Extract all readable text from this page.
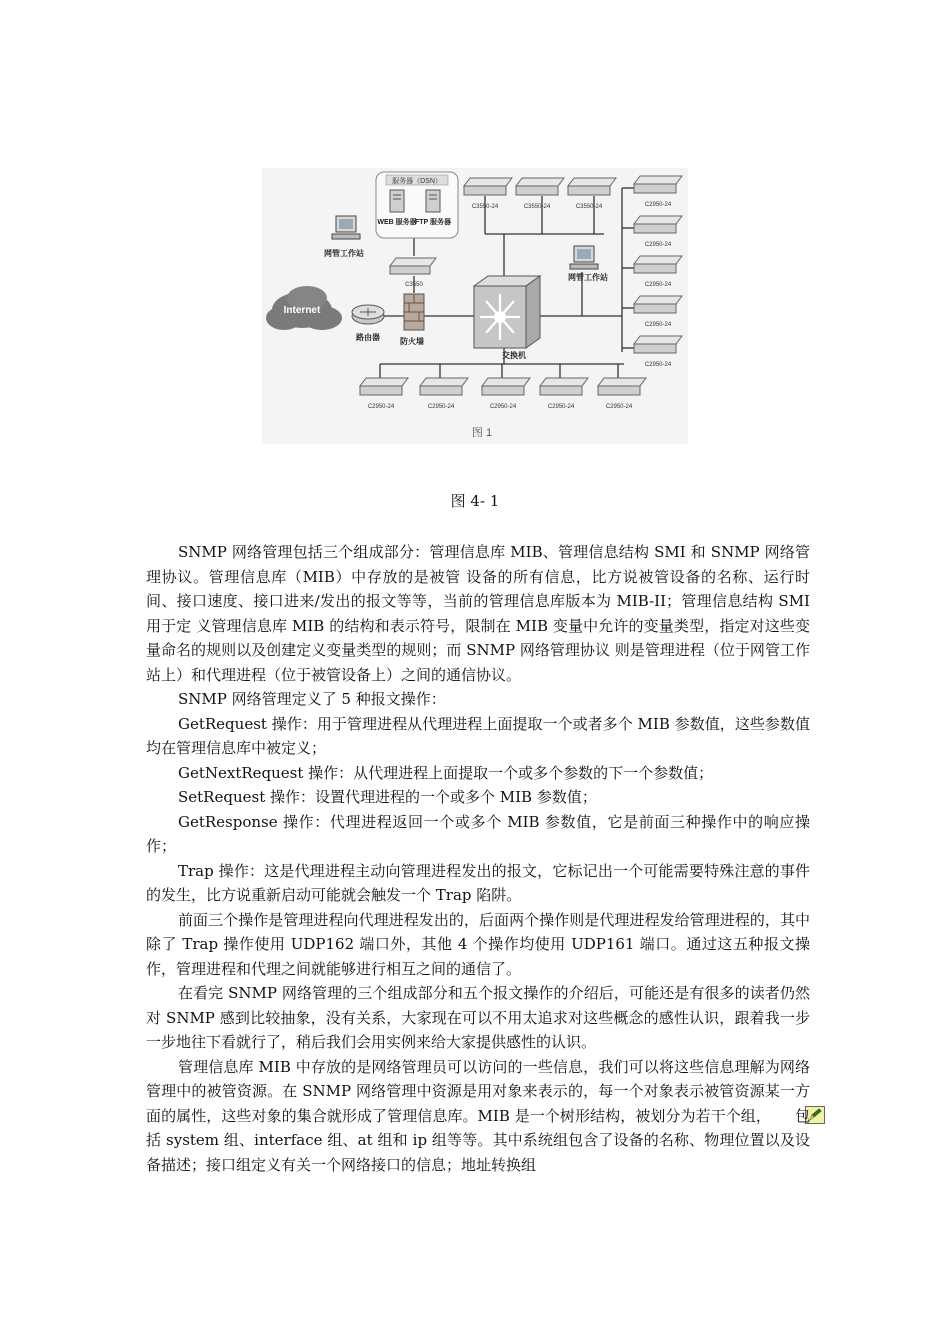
服务器（DSN）
WEB 服务器
FTP 服务器
网管工作站
C3550
Internet
路由器	防火墙
交换机
网管工作站
C3550-24	C3550-24	C3550-24	C2950-24
C2950-24
C2950-24
C2950-24
C2950-24
C2950-24	C2950-24	C2950-24	C2950-24	C2950-24
图 1
图 4- 1

SNMP 网络管理包括三个组成部分：管理信息库 MIB、管理信息结构 SMI 和 SNMP 网络管理协议。管理信息库（MIB）中存放的是被管 设备的所有信息，比方说被管设备的名称、运行时间、接口速度、接口进来/发出的报文等等，当前的管理信息库版本为 MIB-II；管理信息结构 SMI 用于定 义管理信息库 MIB 的结构和表示符号，限制在 MIB 变量中允许的变量类型，指定对这些变量命名的规则以及创建定义变量类型的规则；而 SNMP 网络管理协议 则是管理进程（位于网管工作站上）和代理进程（位于被管设备上）之间的通信协议。

SNMP 网络管理定义了 5 种报文操作：

GetRequest 操作：用于管理进程从代理进程上面提取一个或者多个 MIB 参数值，这些参数值均在管理信息库中被定义；

GetNextRequest 操作：从代理进程上面提取一个或多个参数的下一个参数值；

SetRequest 操作：设置代理进程的一个或多个 MIB 参数值；

GetResponse 操作：代理进程返回一个或多个 MIB 参数值，它是前面三种操作中的响应操作；

Trap 操作：这是代理进程主动向管理进程发出的报文，它标记出一个可能需要特殊注意的事件的发生，比方说重新启动可能就会触发一个 Trap 陷阱。

前面三个操作是管理进程向代理进程发出的，后面两个操作则是代理进程发给管理进程的，其中除了 Trap 操作使用 UDP162 端口外，其他 4 个操作均使用 UDP161 端口。通过这五种报文操作，管理进程和代理之间就能够进行相互之间的通信了。

在看完 SNMP 网络管理的三个组成部分和五个报文操作的介绍后，可能还是有很多的读者仍然对 SNMP 感到比较抽象，没有关系，大家现在可以不用太追求对这些概念的感性认识，跟着我一步一步地往下看就行了，稍后我们会用实例来给大家提供感性的认识。

管理信息库 MIB 中存放的是网络管理员可以访问的一些信息，我们可以将这些信息理解为网络管理中的被管资源。在 SNMP 网络管理中资源是用对象来表示的，每一个对象表示被管资源某一方面的属性，这些对象的集合就形成了管理信息库。MIB 是一个树形结构，被划分为若干个组， 包括 system 组、interface 组、at 组和 ip 组等等。其中系统组包含了设备的名称、物理位置以及设备描述；接口组定义有关一个网络接口的信息；地址转换组
